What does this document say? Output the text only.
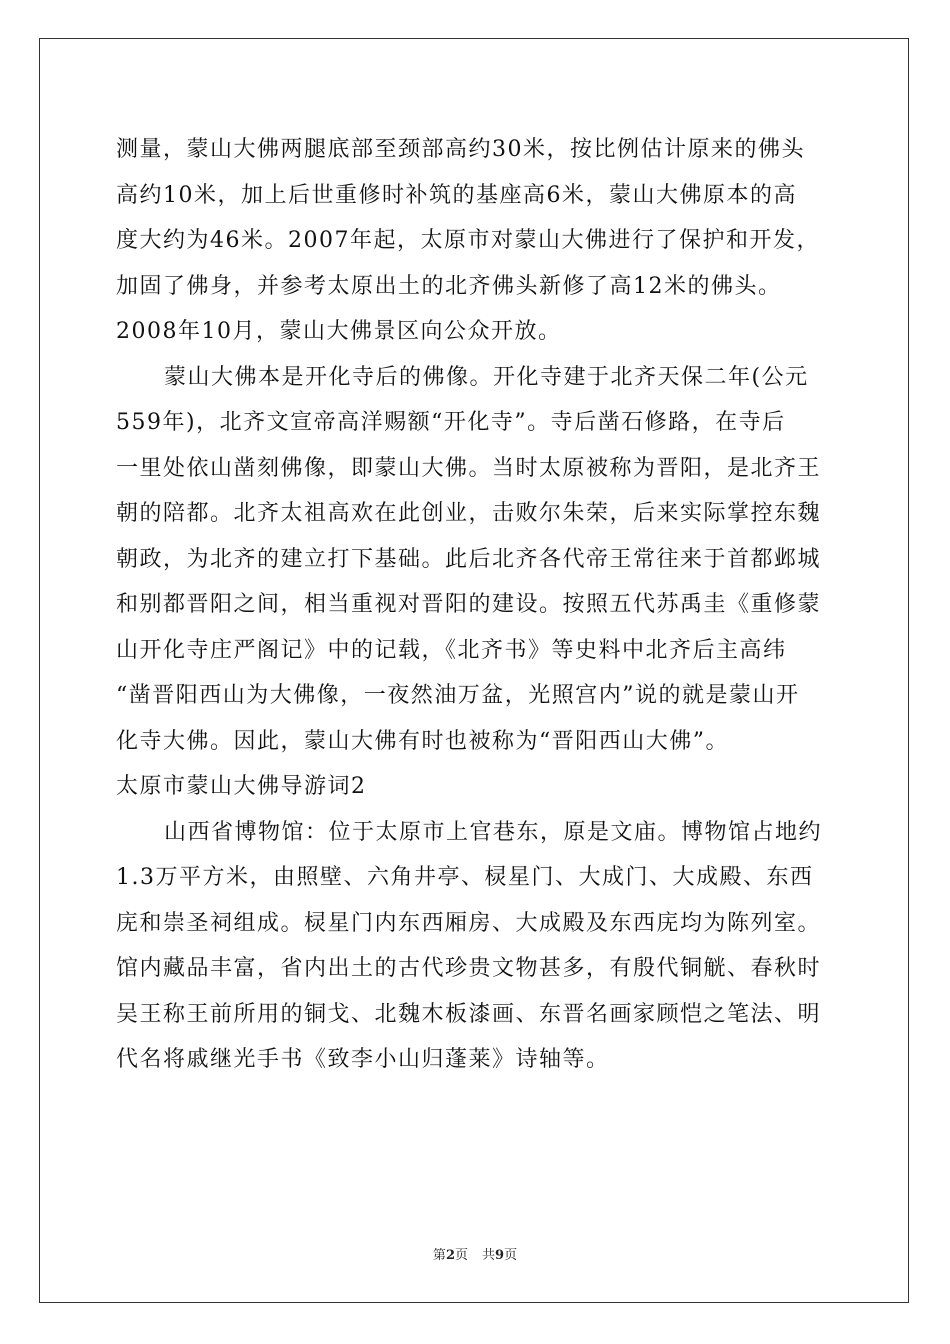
测量，蒙山大佛两腿底部至颈部高约30米，按比例估计原来的佛头
高约10米，加上后世重修时补筑的基座高6米，蒙山大佛原本的高
度大约为46米。2007年起，太原市对蒙山大佛进行了保护和开发，
加固了佛身，并参考太原出土的北齐佛头新修了高12米的佛头。
2008年10月，蒙山大佛景区向公众开放。
蒙山大佛本是开化寺后的佛像。开化寺建于北齐天保二年(公元
559年)，北齐文宣帝高洋赐额“开化寺”。寺后凿石修路，在寺后
一里处依山凿刻佛像，即蒙山大佛。当时太原被称为晋阳，是北齐王
朝的陪都。北齐太祖高欢在此创业，击败尔朱荣，后来实际掌控东魏
朝政，为北齐的建立打下基础。此后北齐各代帝王常往来于首都邺城
和别都晋阳之间，相当重视对晋阳的建设。按照五代苏禹圭《重修蒙
山开化寺庄严阁记》中的记载，《北齐书》等史料中北齐后主高纬
“凿晋阳西山为大佛像，一夜然油万盆，光照宫内”说的就是蒙山开
化寺大佛。因此，蒙山大佛有时也被称为“晋阳西山大佛”。
太原市蒙山大佛导游词2
山西省博物馆：位于太原市上官巷东，原是文庙。博物馆占地约
1.3万平方米，由照壁、六角井亭、棂星门、大成门、大成殿、东西
庑和崇圣祠组成。棂星门内东西厢房、大成殿及东西庑均为陈列室。
馆内藏品丰富，省内出土的古代珍贵文物甚多，有殷代铜觥、春秋时
吴王称王前所用的铜戈、北魏木板漆画、东晋名画家顾恺之笔法、明
代名将戚继光手书《致李小山归蓬莱》诗轴等。
第2页 共9页
